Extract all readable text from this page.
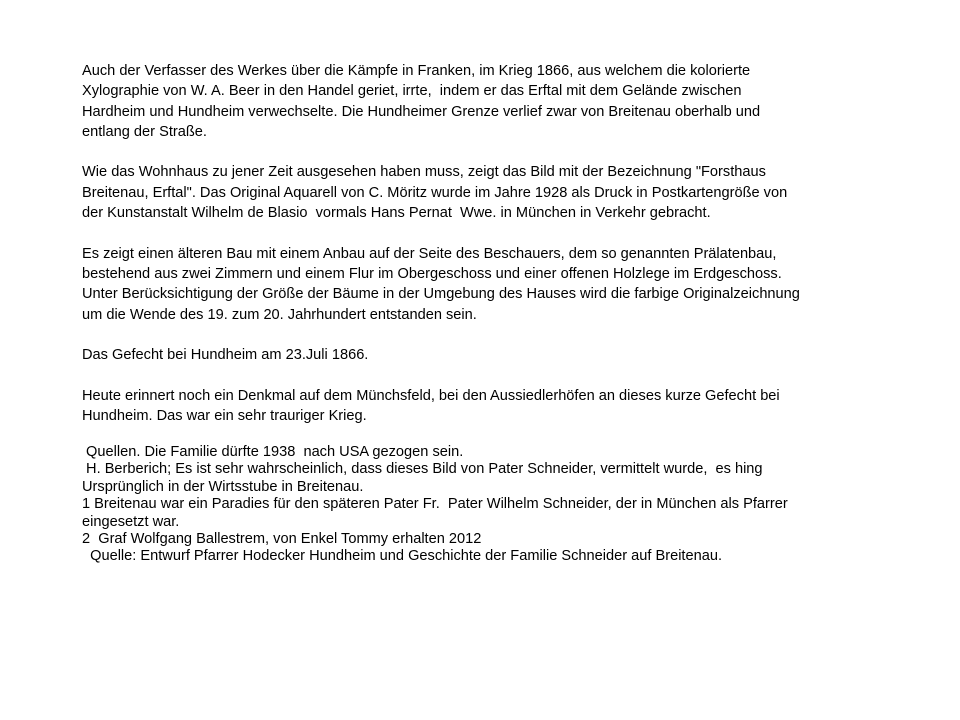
Auch der Verfasser des Werkes über die Kämpfe in Franken, im Krieg 1866, aus welchem die kolorierte
Xylographie von W. A. Beer in den Handel geriet, irrte,  indem er das Erftal mit dem Gelände zwischen
Hardheim und Hundheim verwechselte. Die Hundheimer Grenze verlief zwar von Breitenau oberhalb und
entlang der Straße.
Wie das Wohnhaus zu jener Zeit ausgesehen haben muss, zeigt das Bild mit der Bezeichnung "Forsthaus
Breitenau, Erftal". Das Original Aquarell von C. Möritz wurde im Jahre 1928 als Druck in Postkartengröße von
der Kunstanstalt Wilhelm de Blasio  vormals Hans Pernat  Wwe. in München in Verkehr gebracht.
Es zeigt einen älteren Bau mit einem Anbau auf der Seite des Beschauers, dem so genannten Prälatenbau,
bestehend aus zwei Zimmern und einem Flur im Obergeschoss und einer offenen Holzlege im Erdgeschoss.
Unter Berücksichtigung der Größe der Bäume in der Umgebung des Hauses wird die farbige Originalzeichnung
um die Wende des 19. zum 20. Jahrhundert entstanden sein.
Das Gefecht bei Hundheim am 23.Juli 1866.
Heute erinnert noch ein Denkmal auf dem Münchsfeld, bei den Aussiedlerhöfen an dieses kurze Gefecht bei
Hundheim. Das war ein sehr trauriger Krieg.
Quellen. Die Familie dürfte 1938  nach USA gezogen sein.
H. Berberich; Es ist sehr wahrscheinlich, dass dieses Bild von Pater Schneider, vermittelt wurde,  es hing
Ursprünglich in der Wirtsstube in Breitenau.
1 Breitenau war ein Paradies für den späteren Pater Fr.  Pater Wilhelm Schneider, der in München als Pfarrer
eingesetzt war.
2  Graf Wolfgang Ballestrem, von Enkel Tommy erhalten 2012
Quelle: Entwurf Pfarrer Hodecker Hundheim und Geschichte der Familie Schneider auf Breitenau.
